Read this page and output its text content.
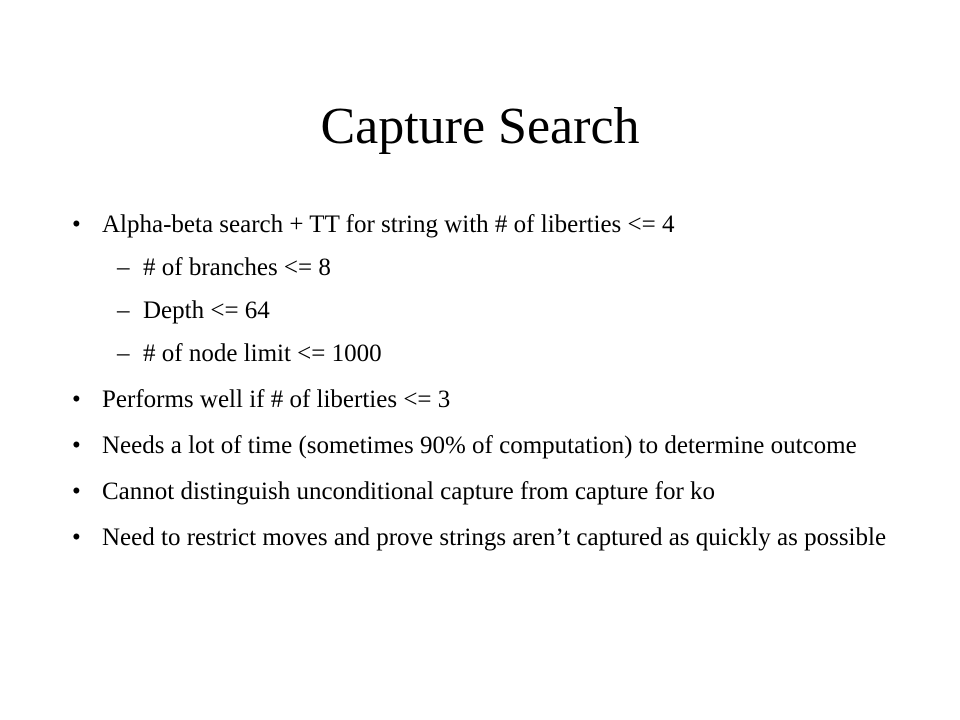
Capture Search
• Alpha-beta search + TT for string with # of liberties <= 4
– # of branches <= 8
– Depth <= 64
– # of node limit <= 1000
• Performs well if # of liberties <= 3
• Needs a lot of time (sometimes 90% of computation) to determine outcome
• Cannot distinguish unconditional capture from capture for ko
• Need to restrict moves and prove strings aren’t captured as quickly as possible
